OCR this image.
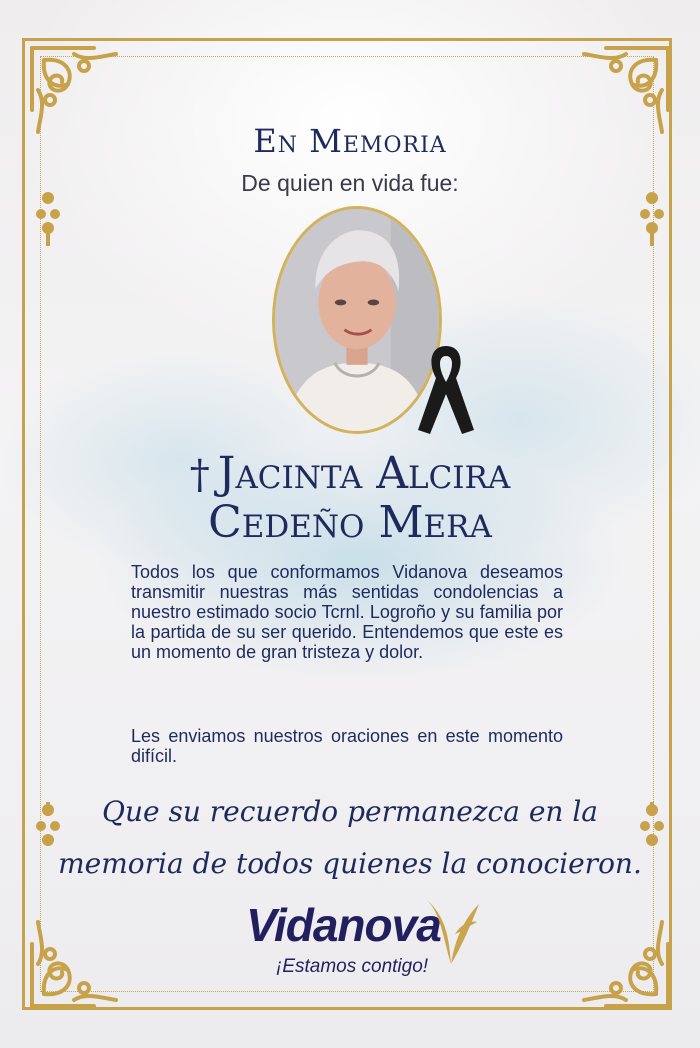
En Memoria
De quien en vida fue:
† Jacinta Alcira
Cedeño Mera

Todos los que conformamos Vidanova deseamos transmitir nuestras más sentidas condolencias a nuestro estimado socio Tcrnl. Logroño y su familia por la partida de su ser querido. Entendemos que este es un momento de gran tristeza y dolor.

Les enviamos nuestros oraciones en este momento difícil.

Que su recuerdo permanezca en la
memoria de todos quienes la conocieron.
Vidanova
¡Estamos contigo!
